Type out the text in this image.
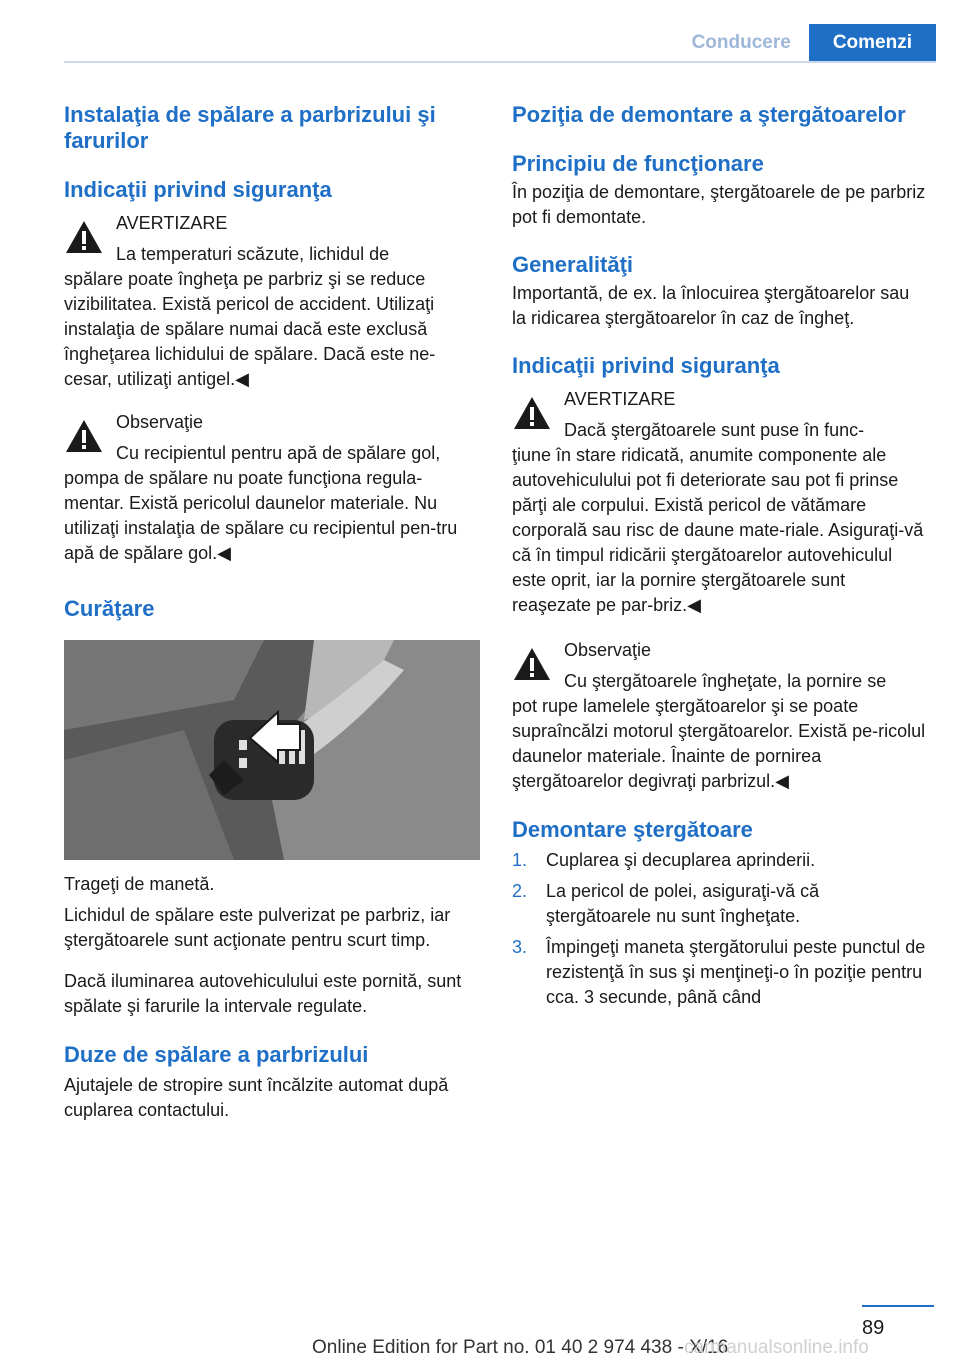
Conducere	Comenzi
Instalaţia de spălare a parbrizului şi farurilor
Indicaţii privind siguranţa
AVERTIZARE

La temperaturi scăzute, lichidul de

spălare poate îngheţa pe parbriz şi se reduce vizibilitatea. Există pericol de accident. Utilizaţi instalaţia de spălare numai dacă este exclusă îngheţarea lichidului de spălare. Dacă este ne‐cesar, utilizaţi antigel.◀

Observaţie

Cu recipientul pentru apă de spălare gol,

pompa de spălare nu poate funcţiona regula‐mentar. Există pericolul daunelor materiale. Nu utilizaţi instalaţia de spălare cu recipientul pen‐tru apă de spălare gol.◀

Curăţare

Trageţi de manetă.

Lichidul de spălare este pulverizat pe parbriz, iar ştergătoarele sunt acţionate pentru scurt timp.

Dacă iluminarea autovehiculului este pornită, sunt spălate şi farurile la intervale regulate.

Duze de spălare a parbrizului

Ajutajele de stropire sunt încălzite automat după cuplarea contactului.

Poziţia de demontare a ştergătoarelor
Principiu de funcţionare

În poziţia de demontare, ştergătoarele de pe parbriz pot fi demontate.

Generalităţi

Importantă, de ex. la înlocuirea ştergătoarelor sau la ridicarea ştergătoarelor în caz de îngheţ.

Indicaţii privind siguranţa
AVERTIZARE

Dacă ştergătoarele sunt puse în func‐

ţiune în stare ridicată, anumite componente ale autovehiculului pot fi deteriorate sau pot fi prinse părţi ale corpului. Există pericol de vătămare corporală sau risc de daune mate‐riale. Asiguraţi-vă că în timpul ridicării ştergătoarelor autovehiculul este oprit, iar la pornire ştergătoarele sunt reaşezate pe par‐briz.◀

Observaţie

Cu ştergătoarele îngheţate, la pornire se

pot rupe lamelele ştergătoarelor şi se poate supraîncălzi motorul ştergătoarelor. Există pe‐ricolul daunelor materiale. Înainte de pornirea ştergătoarelor degivraţi parbrizul.◀

Demontare ştergătoare
1.	Cuplarea şi decuplarea aprinderii.
2.	La pericol de polei, asiguraţi-vă că ştergătoarele nu sunt îngheţate.
3.	Împingeţi maneta ştergătorului peste punctul de rezistenţă în sus şi menţineţi-o în poziţie pentru cca. 3 secunde, până când
89
Online Edition for Part no. 01 40 2 974 438 - X/16
carmanualsonline.info
